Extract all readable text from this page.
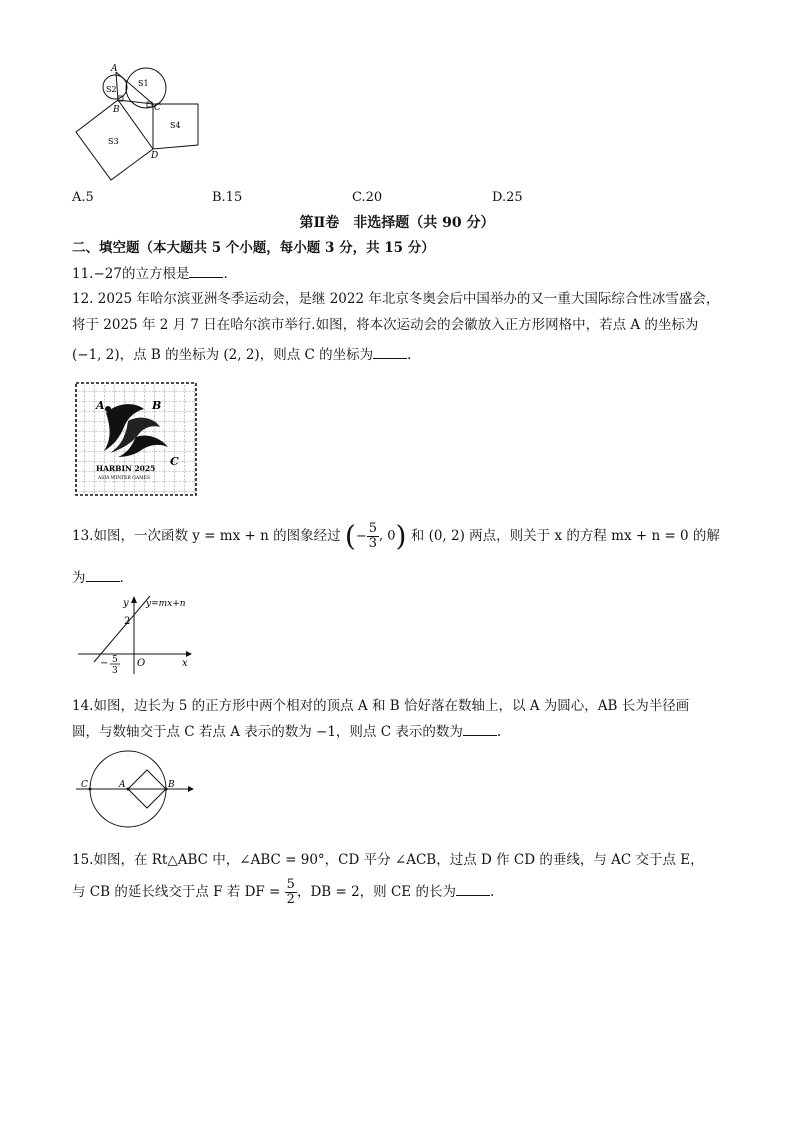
A
B	C
D
S1
S2
S3
S4
A.5	B.15	C.20	D.25
第Ⅱ卷　非选择题（共 90 分）
二、填空题（本大题共 5 个小题，每小题 3 分，共 15 分）
11.−27的立方根是	.
12. 2025 年哈尔滨亚洲冬季运动会，是继 2022 年北京冬奥会后中国举办的又一重大国际综合性冰雪盛会，
将于 2025 年 2 月 7 日在哈尔滨市举行.如图，将本次运动会的会徽放入正方形网格中，若点 A 的坐标为
(−1, 2)，点 B 的坐标为 (2, 2)，则点 C 的坐标为	.
A	B
C
HARBIN 2025
ASIA WINTER GAMES
13.如图，一次函数 y = mx + n 的图象经过 (− $\frac{5}{3}$ , 0) 和 (0, 2) 两点，则关于 x 的方程 mx + n = 0 的解
为	.
y
x
y=mx+n
2
O
− 5
3
14.如图，边长为 5 的正方形中两个相对的顶点 A 和 B 恰好落在数轴上，以 A 为圆心，AB 长为半径画
圆，与数轴交于点 C 若点 A 表示的数为 −1，则点 C 表示的数为	.
C	A	B
15.如图，在 Rt△ABC 中，∠ABC = 90°，CD 平分 ∠ACB，过点 D 作 CD 的垂线，与 AC 交于点 E，
与 CB 的延长线交于点 F 若 DF = $\frac{5}{2}$ ，DB = 2，则 CE 的长为	.
